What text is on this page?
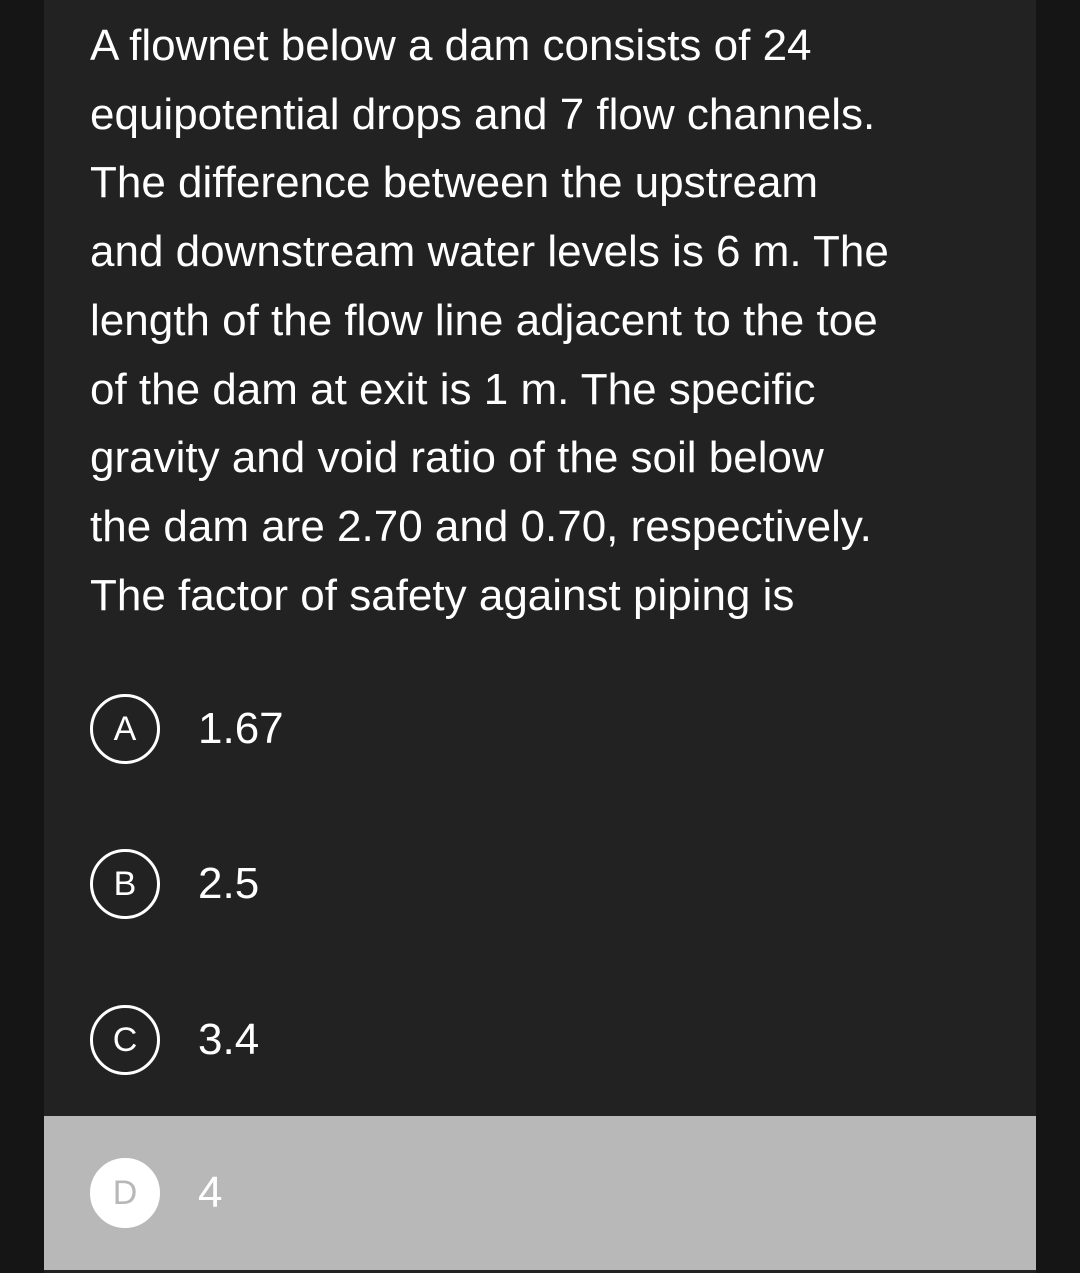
A flownet below a dam consists of 24
equipotential drops and 7 flow channels.
The difference between the upstream
and downstream water levels is 6 m. The
length of the flow line adjacent to the toe
of the dam at exit is 1 m. The specific
gravity and void ratio of the soil below
the dam are 2.70 and 0.70, respectively.
The factor of safety against piping is

A	1.67
B	2.5
C	3.4
D	4
